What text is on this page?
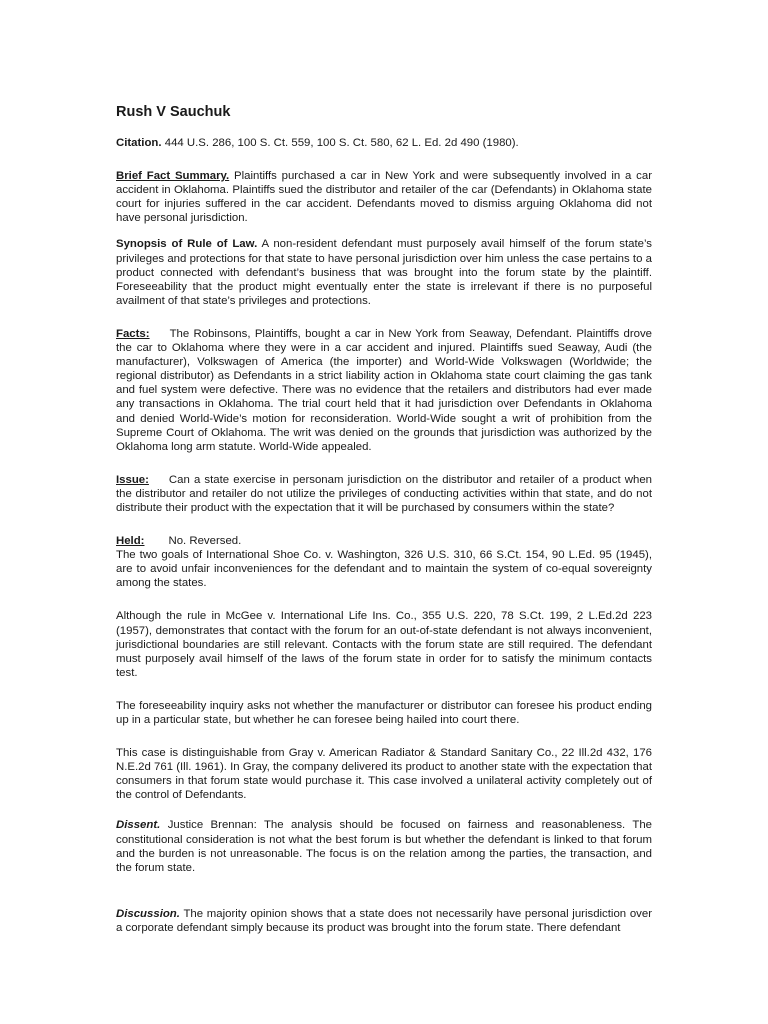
Rush V Sauchuk

Citation. 444 U.S. 286, 100 S. Ct. 559, 100 S. Ct. 580, 62 L. Ed. 2d 490 (1980).

Brief Fact Summary. Plaintiffs purchased a car in New York and were subsequently involved in a car accident in Oklahoma. Plaintiffs sued the distributor and retailer of the car (Defendants) in Oklahoma state court for injuries suffered in the car accident. Defendants moved to dismiss arguing Oklahoma did not have personal jurisdiction.

Synopsis of Rule of Law. A non-resident defendant must purposely avail himself of the forum state’s privileges and protections for that state to have personal jurisdiction over him unless the case pertains to a product connected with defendant’s business that was brought into the forum state by the plaintiff. Foreseeability that the product might eventually enter the state is irrelevant if there is no purposeful availment of that state’s privileges and protections.

Facts: The Robinsons, Plaintiffs, bought a car in New York from Seaway, Defendant. Plaintiffs drove the car to Oklahoma where they were in a car accident and injured. Plaintiffs sued Seaway, Audi (the manufacturer), Volkswagen of America (the importer) and World-Wide Volkswagen (Worldwide; the regional distributor) as Defendants in a strict liability action in Oklahoma state court claiming the gas tank and fuel system were defective. There was no evidence that the retailers and distributors had ever made any transactions in Oklahoma. The trial court held that it had jurisdiction over Defendants in Oklahoma and denied World-Wide’s motion for reconsideration. World-Wide sought a writ of prohibition from the Supreme Court of Oklahoma. The writ was denied on the grounds that jurisdiction was authorized by the Oklahoma long arm statute. World-Wide appealed.

Issue: Can a state exercise in personam jurisdiction on the distributor and retailer of a product when the distributor and retailer do not utilize the privileges of conducting activities within that state, and do not distribute their product with the expectation that it will be purchased by consumers within the state?

Held: No. Reversed.
The two goals of International Shoe Co. v. Washington, 326 U.S. 310, 66 S.Ct. 154, 90 L.Ed. 95 (1945), are to avoid unfair inconveniences for the defendant and to maintain the system of co-equal sovereignty among the states.

Although the rule in McGee v. International Life Ins. Co., 355 U.S. 220, 78 S.Ct. 199, 2 L.Ed.2d 223 (1957), demonstrates that contact with the forum for an out-of-state defendant is not always inconvenient, jurisdictional boundaries are still relevant. Contacts with the forum state are still required. The defendant must purposely avail himself of the laws of the forum state in order for to satisfy the minimum contacts test.

The foreseeability inquiry asks not whether the manufacturer or distributor can foresee his product ending up in a particular state, but whether he can foresee being hailed into court there.

This case is distinguishable from Gray v. American Radiator & Standard Sanitary Co., 22 Ill.2d 432, 176 N.E.2d 761 (Ill. 1961). In Gray, the company delivered its product to another state with the expectation that consumers in that forum state would purchase it. This case involved a unilateral activity completely out of the control of Defendants.

Dissent. Justice Brennan: The analysis should be focused on fairness and reasonableness. The constitutional consideration is not what the best forum is but whether the defendant is linked to that forum and the burden is not unreasonable. The focus is on the relation among the parties, the transaction, and the forum state.

Discussion. The majority opinion shows that a state does not necessarily have personal jurisdiction over a corporate defendant simply because its product was brought into the forum state. There defendant
